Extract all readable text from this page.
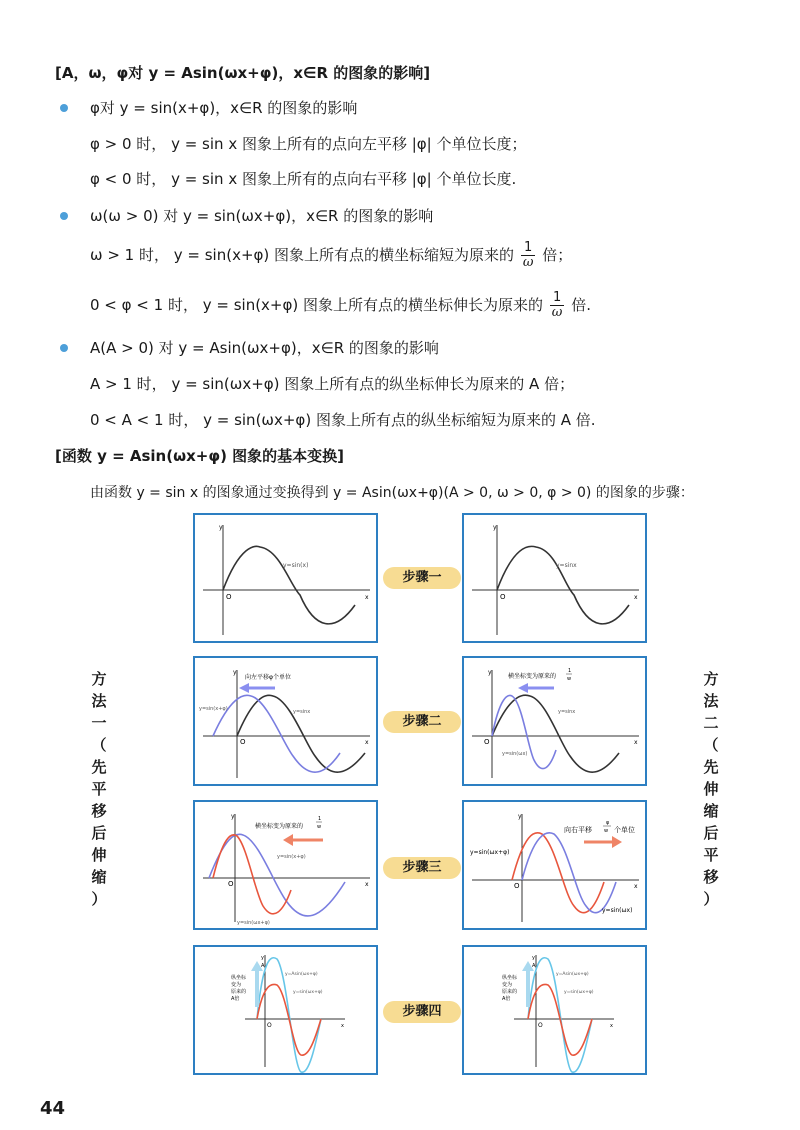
[A，ω，φ对 y = Asin(ωx+φ)，x∈R 的图象的影响]
φ对 y = sin(x+φ)，x∈R 的图象的影响
φ > 0 时， y = sin x 图象上所有的点向左平移 |φ| 个单位长度；
φ < 0 时， y = sin x 图象上所有的点向右平移 |φ| 个单位长度.
ω(ω > 0) 对 y = sin(ωx+φ)，x∈R 的图象的影响
ω > 1 时， y = sin(x+φ) 图象上所有点的横坐标缩短为原来的 $\frac{1}{\omega}$ 倍；
0 < φ < 1 时， y = sin(x+φ) 图象上所有点的横坐标伸长为原来的 $\frac{1}{\omega}$ 倍.
A(A > 0) 对 y = Asin(ωx+φ)，x∈R 的图象的影响
A > 1 时， y = sin(ωx+φ) 图象上所有点的纵坐标伸长为原来的 A 倍；
0 < A < 1 时， y = sin(ωx+φ) 图象上所有点的纵坐标缩短为原来的 A 倍.
[函数 y = Asin(ωx+φ) 图象的基本变换]
由函数 y = sin x 的图象通过变换得到 y = Asin(ωx+φ)(A > 0, ω > 0, φ > 0) 的图象的步骤：
方
法
一
（
先
平
移
后
伸
缩
）
方
法
二
（
先
伸
缩
后
平
移
）
y
x
O
y=sin(x)
步骤一
y
x
O
y=sinx
向左平移φ个单位
y=sin(x+φ)	y=sinx
y
x
O
步骤二
横坐标变为原来的
1
w
y=sinx
y=sin(ωx)
y
x
O
横坐标变为原来的
1
w
y=sin(x+φ)
y=sin(ωx+φ)
y
x
O
步骤三
向右平移
φ
w 个单位
y=sin(ωx+φ)
y=sin(ωx)
y
x
O
纵坐标
变为
原来的
A倍
y=Asin(ωx+φ)
y=sin(ωx+φ)
y
A
x
O
步骤四
纵坐标
变为
原来的
A倍
y=Asin(ωx+φ)
y=sin(ωx+φ)
y
A
x
O
44
